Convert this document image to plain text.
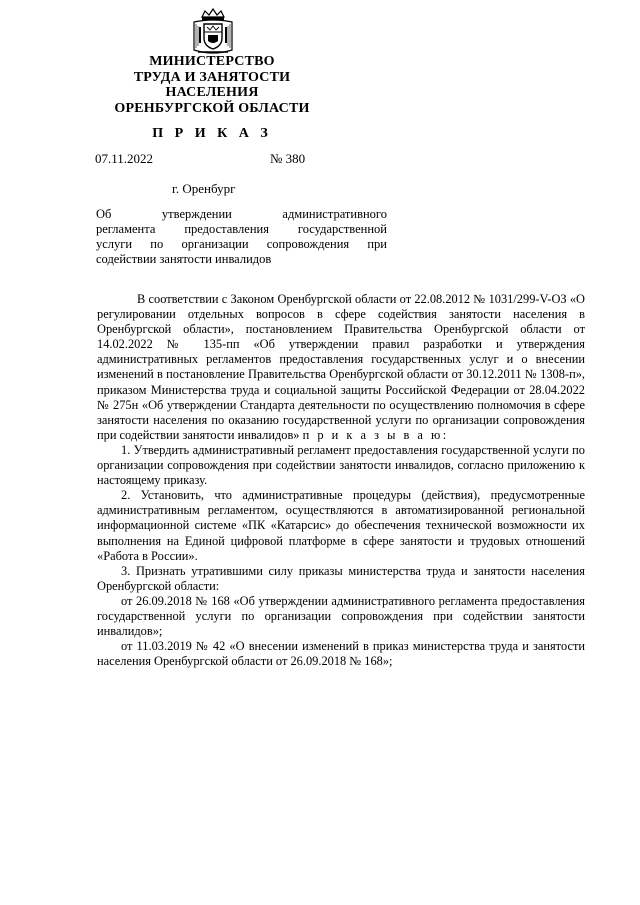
МИНИСТЕРСТВО
ТРУДА И ЗАНЯТОСТИ
НАСЕЛЕНИЯ
ОРЕНБУРГСКОЙ ОБЛАСТИ
П Р И К А З
07.11.2022	№ 380
г. Оренбург
Об утверждении административного
регламента предоставления государственной
услуги по организации сопровождения при
содействии занятости инвалидов

В соответствии с Законом Оренбургской области от 22.08.2012 № 1031/299-V-ОЗ «О регулировании отдельных вопросов в сфере содействия занятости населения в Оренбургской области», постановлением Правительства Оренбургской области от 14.02.2022 № 135-пп «Об утверждении правил разработки и утверждения административных регламентов предоставления государственных услуг и о внесении изменений в постановление Правительства Оренбургской области от 30.12.2011 № 1308-п», приказом Министерства труда и социальной защиты Российской Федерации от 28.04.2022 № 275н «Об утверждении Стандарта деятельности по осуществлению полномочия в сфере занятости населения по оказанию государственной услуги по организации сопровождения при содействии занятости инвалидов» п р и к а з ы в а ю:

1. Утвердить административный регламент предоставления государственной услуги по организации сопровождения при содействии занятости инвалидов, согласно приложению к настоящему приказу.

2. Установить, что административные процедуры (действия), предусмотренные административным регламентом, осуществляются в автоматизированной региональной информационной системе «ПК «Катарсис» до обеспечения технической возможности их выполнения на Единой цифровой платформе в сфере занятости и трудовых отношений «Работа в России».

3. Признать утратившими силу приказы министерства труда и занятости населения Оренбургской области:

от 26.09.2018 № 168 «Об утверждении административного регламента предоставления государственной услуги по организации сопровождения при содействии занятости инвалидов»;

от 11.03.2019 № 42 «О внесении изменений в приказ министерства труда и занятости населения Оренбургской области от 26.09.2018 № 168»;
